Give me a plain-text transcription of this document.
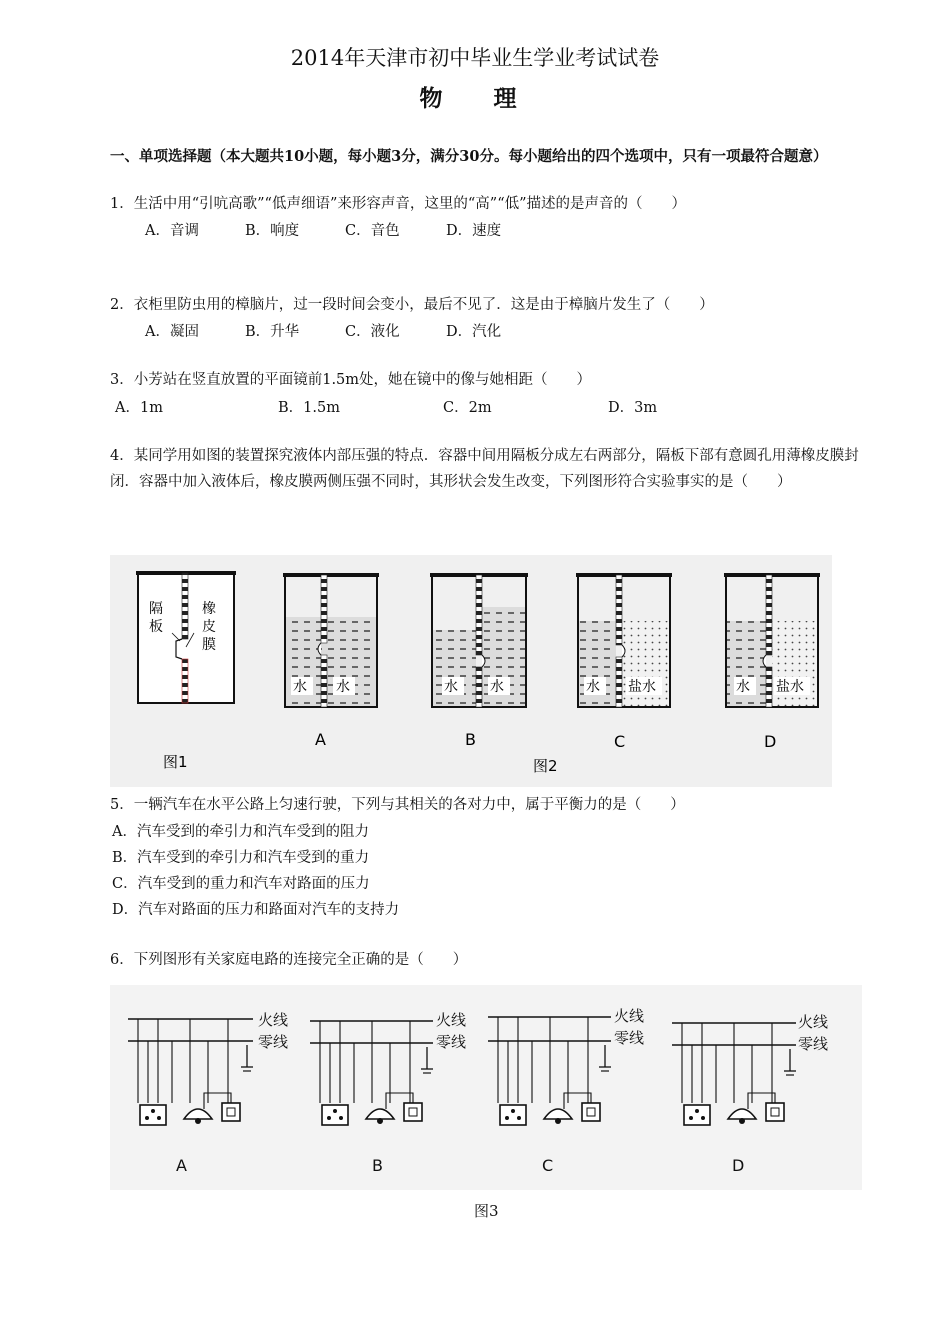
2014年天津市初中毕业生学业考试试卷
物　理
一、单项选择题（本大题共10小题，每小题3分，满分30分。每小题给出的四个选项中，只有一项最符合题意）
1．生活中用“引吭高歌”“低声细语”来形容声音，这里的“高”“低”描述的是声音的（　　）
A．音调	B．响度	C．音色	D．速度
2．衣柜里防虫用的樟脑片，过一段时间会变小，最后不见了．这是由于樟脑片发生了（　　）
A．凝固	B．升华	C．液化	D．汽化
3．小芳站在竖直放置的平面镜前1.5m处，她在镜中的像与她相距（　　）
A．1m	B．1.5m	C．2m	D．3m
4．某同学用如图的装置探究液体内部压强的特点．容器中间用隔板分成左右两部分，隔板下部有意圆孔用薄橡皮膜封闭．容器中加入液体后，橡皮膜两侧压强不同时，其形状会发生改变，下列图形符合实验事实的是（　　）
隔板
橡皮膜
水 水	水 水	水 盐水	水 盐水
A	B	C	D
图1	图2
5．一辆汽车在水平公路上匀速行驶，下列与其相关的各对力中，属于平衡力的是（　　）
A．汽车受到的牵引力和汽车受到的阻力
B．汽车受到的牵引力和汽车受到的重力
C．汽车受到的重力和汽车对路面的压力
D．汽车对路面的压力和路面对汽车的支持力
6．下列图形有关家庭电路的连接完全正确的是（　　）
火线
零线
A
火线
零线
B
火线
零线
C
火线
零线
D
图3
